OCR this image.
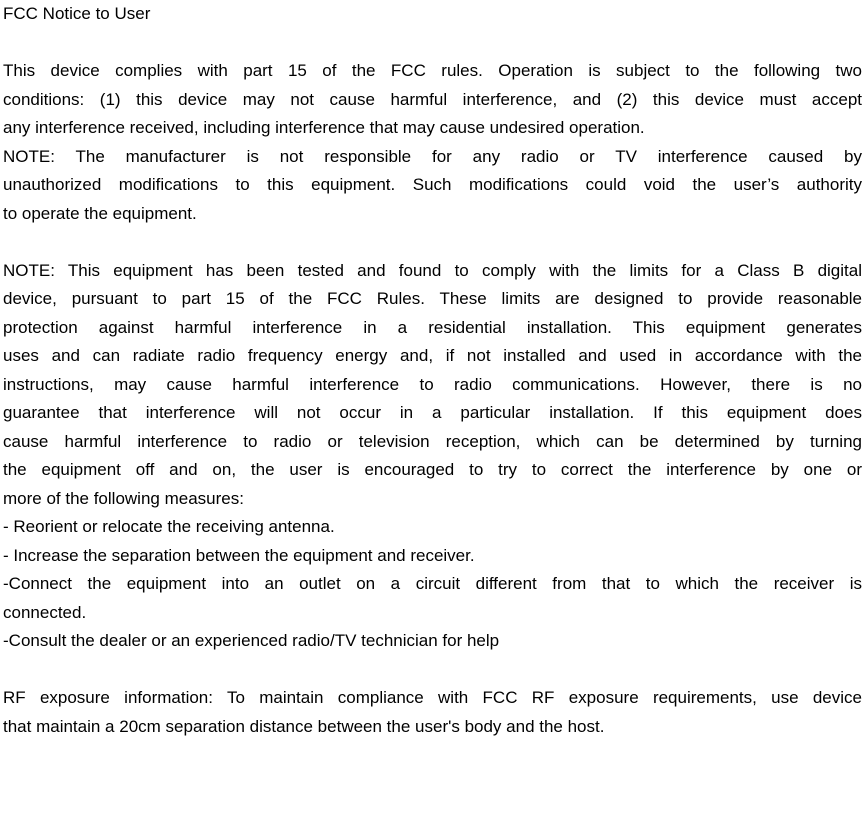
FCC Notice to User
This device complies with part 15 of the FCC rules. Operation is subject to the following two
conditions: (1) this device may not cause harmful interference, and (2) this device must accept
any interference received, including interference that may cause undesired operation.
NOTE: The manufacturer is not responsible for any radio or TV interference caused by
unauthorized modifications to this equipment. Such modifications could void the user’s authority
to operate the equipment.
NOTE: This equipment has been tested and found to comply with the limits for a Class B digital
device, pursuant to part 15 of the FCC Rules. These limits are designed to provide reasonable
protection against harmful interference in a residential installation. This equipment generates
uses and can radiate radio frequency energy and, if not installed and used in accordance with the
instructions, may cause harmful interference to radio communications. However, there is no
guarantee that interference will not occur in a particular installation. If this equipment does
cause harmful interference to radio or television reception, which can be determined by turning
the equipment off and on, the user is encouraged to try to correct the interference by one or
more of the following measures:
- Reorient or relocate the receiving antenna.
- Increase the separation between the equipment and receiver.
-Connect the equipment into an outlet on a circuit different from that to which the receiver is
connected.
-Consult the dealer or an experienced radio/TV technician for help
RF exposure information: To maintain compliance with FCC RF exposure requirements, use device
that maintain a 20cm separation distance between the user's body and the host.
